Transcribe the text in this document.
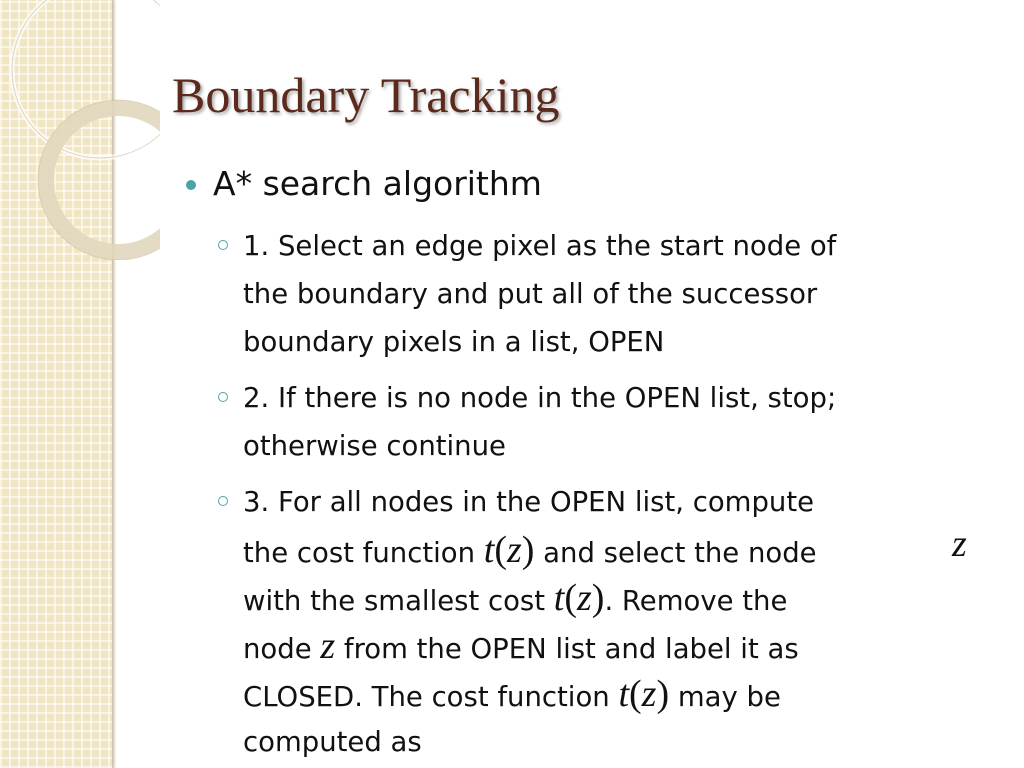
Boundary Tracking
A* search algorithm
1. Select an edge pixel as the start node of
the boundary and put all of the successor
boundary pixels in a list, OPEN
2. If there is no node in the OPEN list, stop;
otherwise continue
3. For all nodes in the OPEN list, compute
the cost function t(z) and select the node
with the smallest cost t(z). Remove the
node z from the OPEN list and label it as
CLOSED. The cost function t(z) may be
computed as
z
